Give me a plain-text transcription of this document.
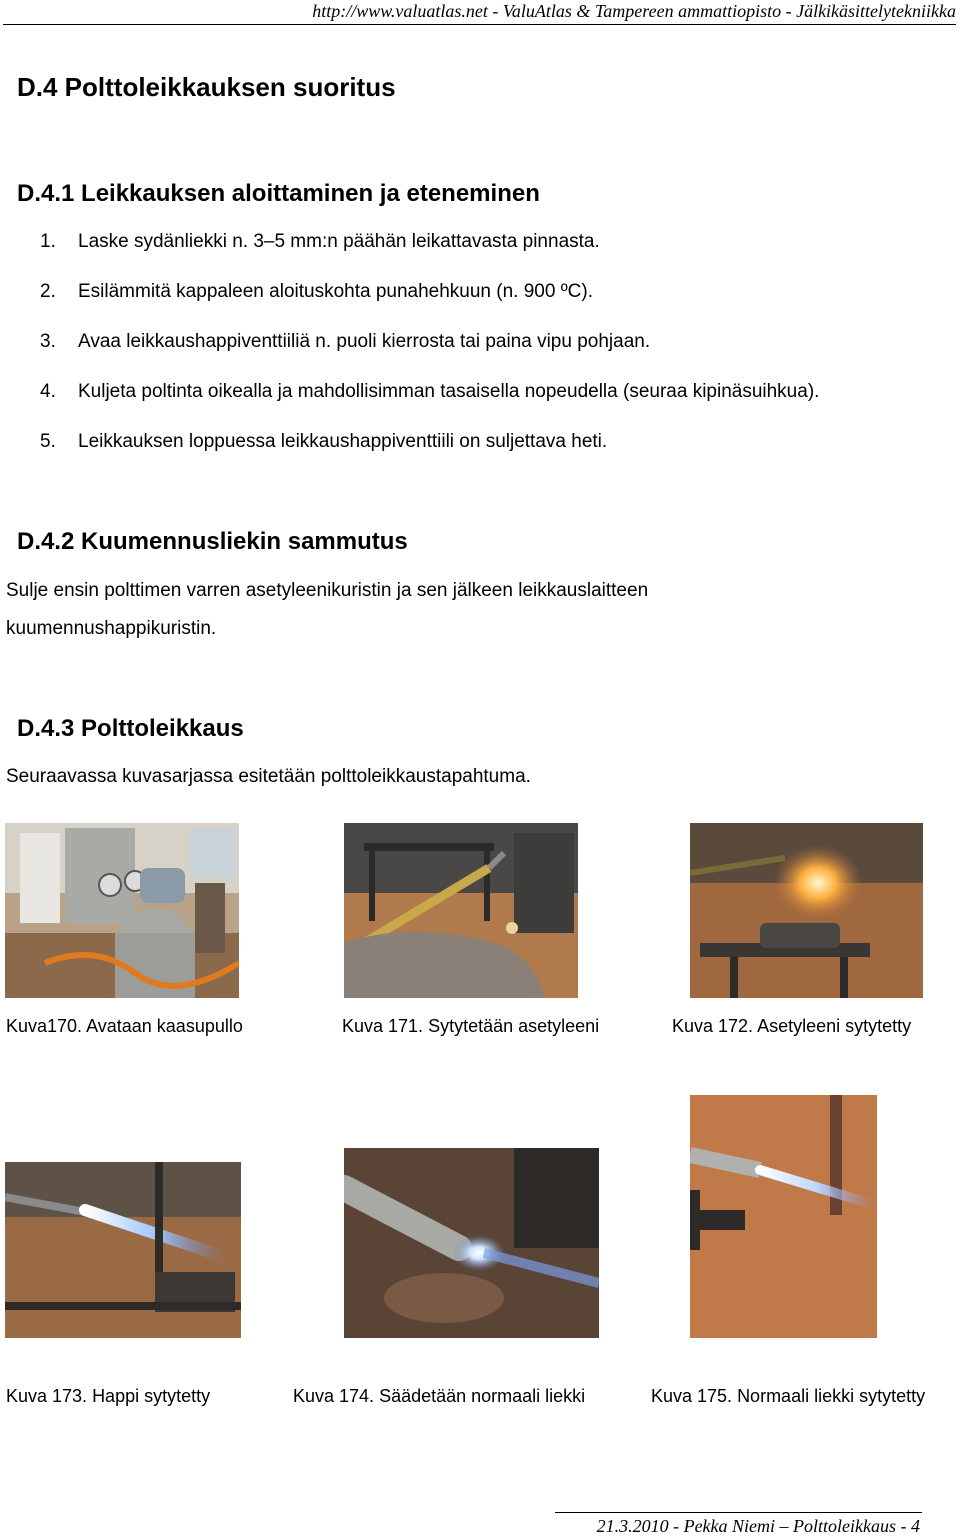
http://www.valuatlas.net - ValuAtlas & Tampereen ammattiopisto - Jälkikäsittelytekniikka
D.4 Polttoleikkauksen suoritus
D.4.1 Leikkauksen aloittaminen ja eteneminen
1.	Laske sydänliekki n. 3–5 mm:n päähän leikattavasta pinnasta.
2.	Esilämmitä kappaleen aloituskohta punahehkuun (n. 900 ºC).
3.	Avaa leikkaushappiventtiiliä n. puoli kierrosta tai paina vipu pohjaan.
4.	Kuljeta poltinta oikealla ja mahdollisimman tasaisella nopeudella (seuraa kipinäsuihkua).
5.	Leikkauksen loppuessa leikkaushappiventtiili on suljettava heti.
D.4.2 Kuumennusliekin sammutus
Sulje ensin polttimen varren asetyleenikuristin ja sen jälkeen leikkauslaitteen
kuumennushappikuristin.
D.4.3 Polttoleikkaus
Seuraavassa kuvasarjassa esitetään polttoleikkaustapahtuma.
Kuva170. Avataan kaasupullo	Kuva 171. Sytytetään asetyleeni	Kuva 172. Asetyleeni sytytetty
Kuva 173. Happi sytytetty	Kuva 174. Säädetään normaali liekki	Kuva 175. Normaali liekki sytytetty
21.3.2010 - Pekka Niemi – Polttoleikkaus - 4
